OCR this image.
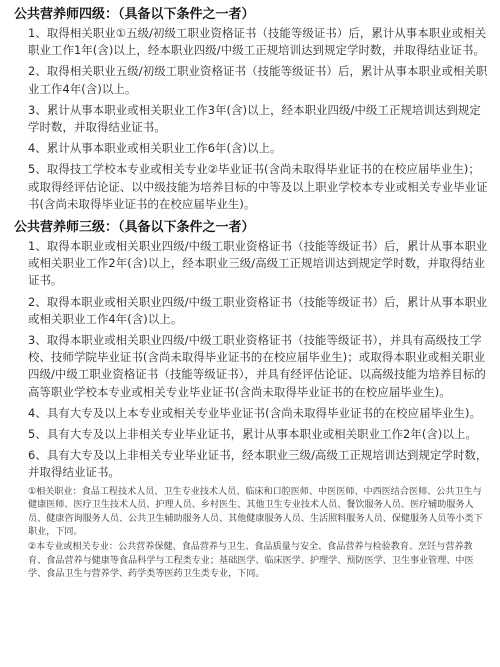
公共营养师四级：（具备以下条件之一者）
1、取得相关职业①五级/初级工职业资格证书（技能等级证书）后，累计从事本职业或相关职业工作1年(含)以上，经本职业四级/中级工正规培训达到规定学时数，并取得结业证书。
2、取得相关职业五级/初级工职业资格证书（技能等级证书）后，累计从事本职业或相关职业工作4年(含)以上。
3、累计从事本职业或相关职业工作3年(含)以上，经本职业四级/中级工正规培训达到规定学时数，并取得结业证书。
4、累计从事本职业或相关职业工作6年(含)以上。
5、取得技工学校本专业或相关专业②毕业证书(含尚未取得毕业证书的在校应届毕业生)；或取得经评估论证、以中级技能为培养目标的中等及以上职业学校本专业或相关专业毕业证书(含尚未取得毕业证书的在校应届毕业生)。
公共营养师三级：（具备以下条件之一者）
1、取得本职业或相关职业四级/中级工职业资格证书（技能等级证书）后，累计从事本职业或相关职业工作2年(含)以上，经本职业三级/高级工正规培训达到规定学时数，并取得结业证书。
2、取得本职业或相关职业四级/中级工职业资格证书（技能等级证书）后，累计从事本职业或相关职业工作4年(含)以上。
3、取得本职业或相关职业四级/中级工职业资格证书（技能等级证书），并具有高级技工学校、技师学院毕业证书(含尚未取得毕业证书的在校应届毕业生)；或取得本职业或相关职业四级/中级工职业资格证书（技能等级证书），并具有经评估论证、以高级技能为培养目标的高等职业学校本专业或相关专业毕业证书(含尚未取得毕业证书的在校应届毕业生)。
4、具有大专及以上本专业或相关专业毕业证书(含尚未取得毕业证书的在校应届毕业生)。
5、具有大专及以上非相关专业毕业证书，累计从事本职业或相关职业工作2年(含)以上。
6、具有大专及以上非相关专业毕业证书，经本职业三级/高级工正规培训达到规定学时数，并取得结业证书。
①相关职业：食品工程技术人员、卫生专业技术人员、临床和口腔医师、中医医师、中西医结合医师、公共卫生与健康医师、医疗卫生技术人员、护理人员、乡村医生、其他卫生专业技术人员、餐饮服务人员、医疗辅助服务人员、健康咨询服务人员、公共卫生辅助服务人员、其他健康服务人员、生活照料服务人员、保健服务人员等小类下职业，下同。
②本专业或相关专业：公共营养保健、食品营养与卫生、食品质量与安全、食品营养与检验教育、烹饪与营养教育、食品营养与健康等食品科学与工程类专业；基础医学、临床医学、护理学、预防医学、卫生事业管理、中医学、食品卫生与营养学、药学类等医药卫生类专业，下同。
